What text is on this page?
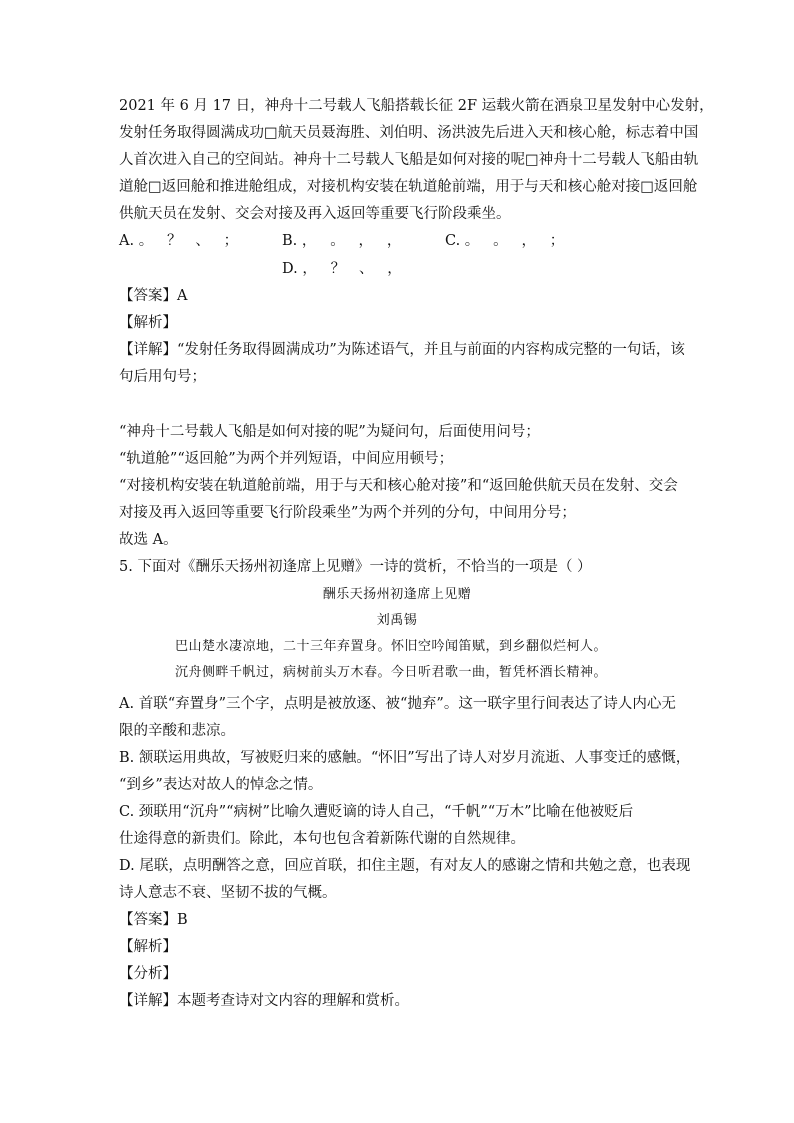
2021 年 6 月 17 日，神舟十二号载人飞船搭载长征 2F 运载火箭在酒泉卫星发射中心发射，
发射任务取得圆满成功□航天员聂海胜、刘伯明、汤洪波先后进入天和核心舱，标志着中国
人首次进入自己的空间站。神舟十二号载人飞船是如何对接的呢□神舟十二号载人飞船由轨
道舱□返回舱和推进舱组成，对接机构安装在轨道舱前端，用于与天和核心舱对接□返回舱
供航天员在发射、交会对接及再入返回等重要飞行阶段乘坐。
A. 。   ？   、   ；	B. ，   。   ，   ，	C. 。   。   ，   ；
D. ，   ？   、   ，
【答案】A
【解析】
【详解】“发射任务取得圆满成功”为陈述语气，并且与前面的内容构成完整的一句话，该
句后用句号；
“神舟十二号载人飞船是如何对接的呢”为疑问句，后面使用问号；
“轨道舱”“返回舱”为两个并列短语，中间应用顿号；
“对接机构安装在轨道舱前端，用于与天和核心舱对接”和“返回舱供航天员在发射、交会
对接及再入返回等重要飞行阶段乘坐”为两个并列的分句，中间用分号；
故选 A。
5. 下面对《酬乐天扬州初逢席上见赠》一诗的赏析，不恰当的一项是（ ）
酬乐天扬州初逢席上见赠
刘禹锡
巴山楚水凄凉地，二十三年弃置身。怀旧空吟闻笛赋，到乡翻似烂柯人。
沉舟侧畔千帆过，病树前头万木春。今日听君歌一曲，暂凭杯酒长精神。
A. 首联“弃置身”三个字，点明是被放逐、被“抛弃”。这一联字里行间表达了诗人内心无
限的辛酸和悲凉。
B. 颔联运用典故，写被贬归来的感触。“怀旧”写出了诗人对岁月流逝、人事变迁的感慨，
“到乡”表达对故人的悼念之情。
C. 颈联用“沉舟”“病树”比喻久遭贬谪的诗人自己，“千帆”“万木”比喻在他被贬后
仕途得意的新贵们。除此，本句也包含着新陈代谢的自然规律。
D. 尾联，点明酬答之意，回应首联，扣住主题，有对友人的感谢之情和共勉之意，也表现
诗人意志不衰、坚韧不拔的气概。
【答案】B
【解析】
【分析】
【详解】本题考查诗对文内容的理解和赏析。
